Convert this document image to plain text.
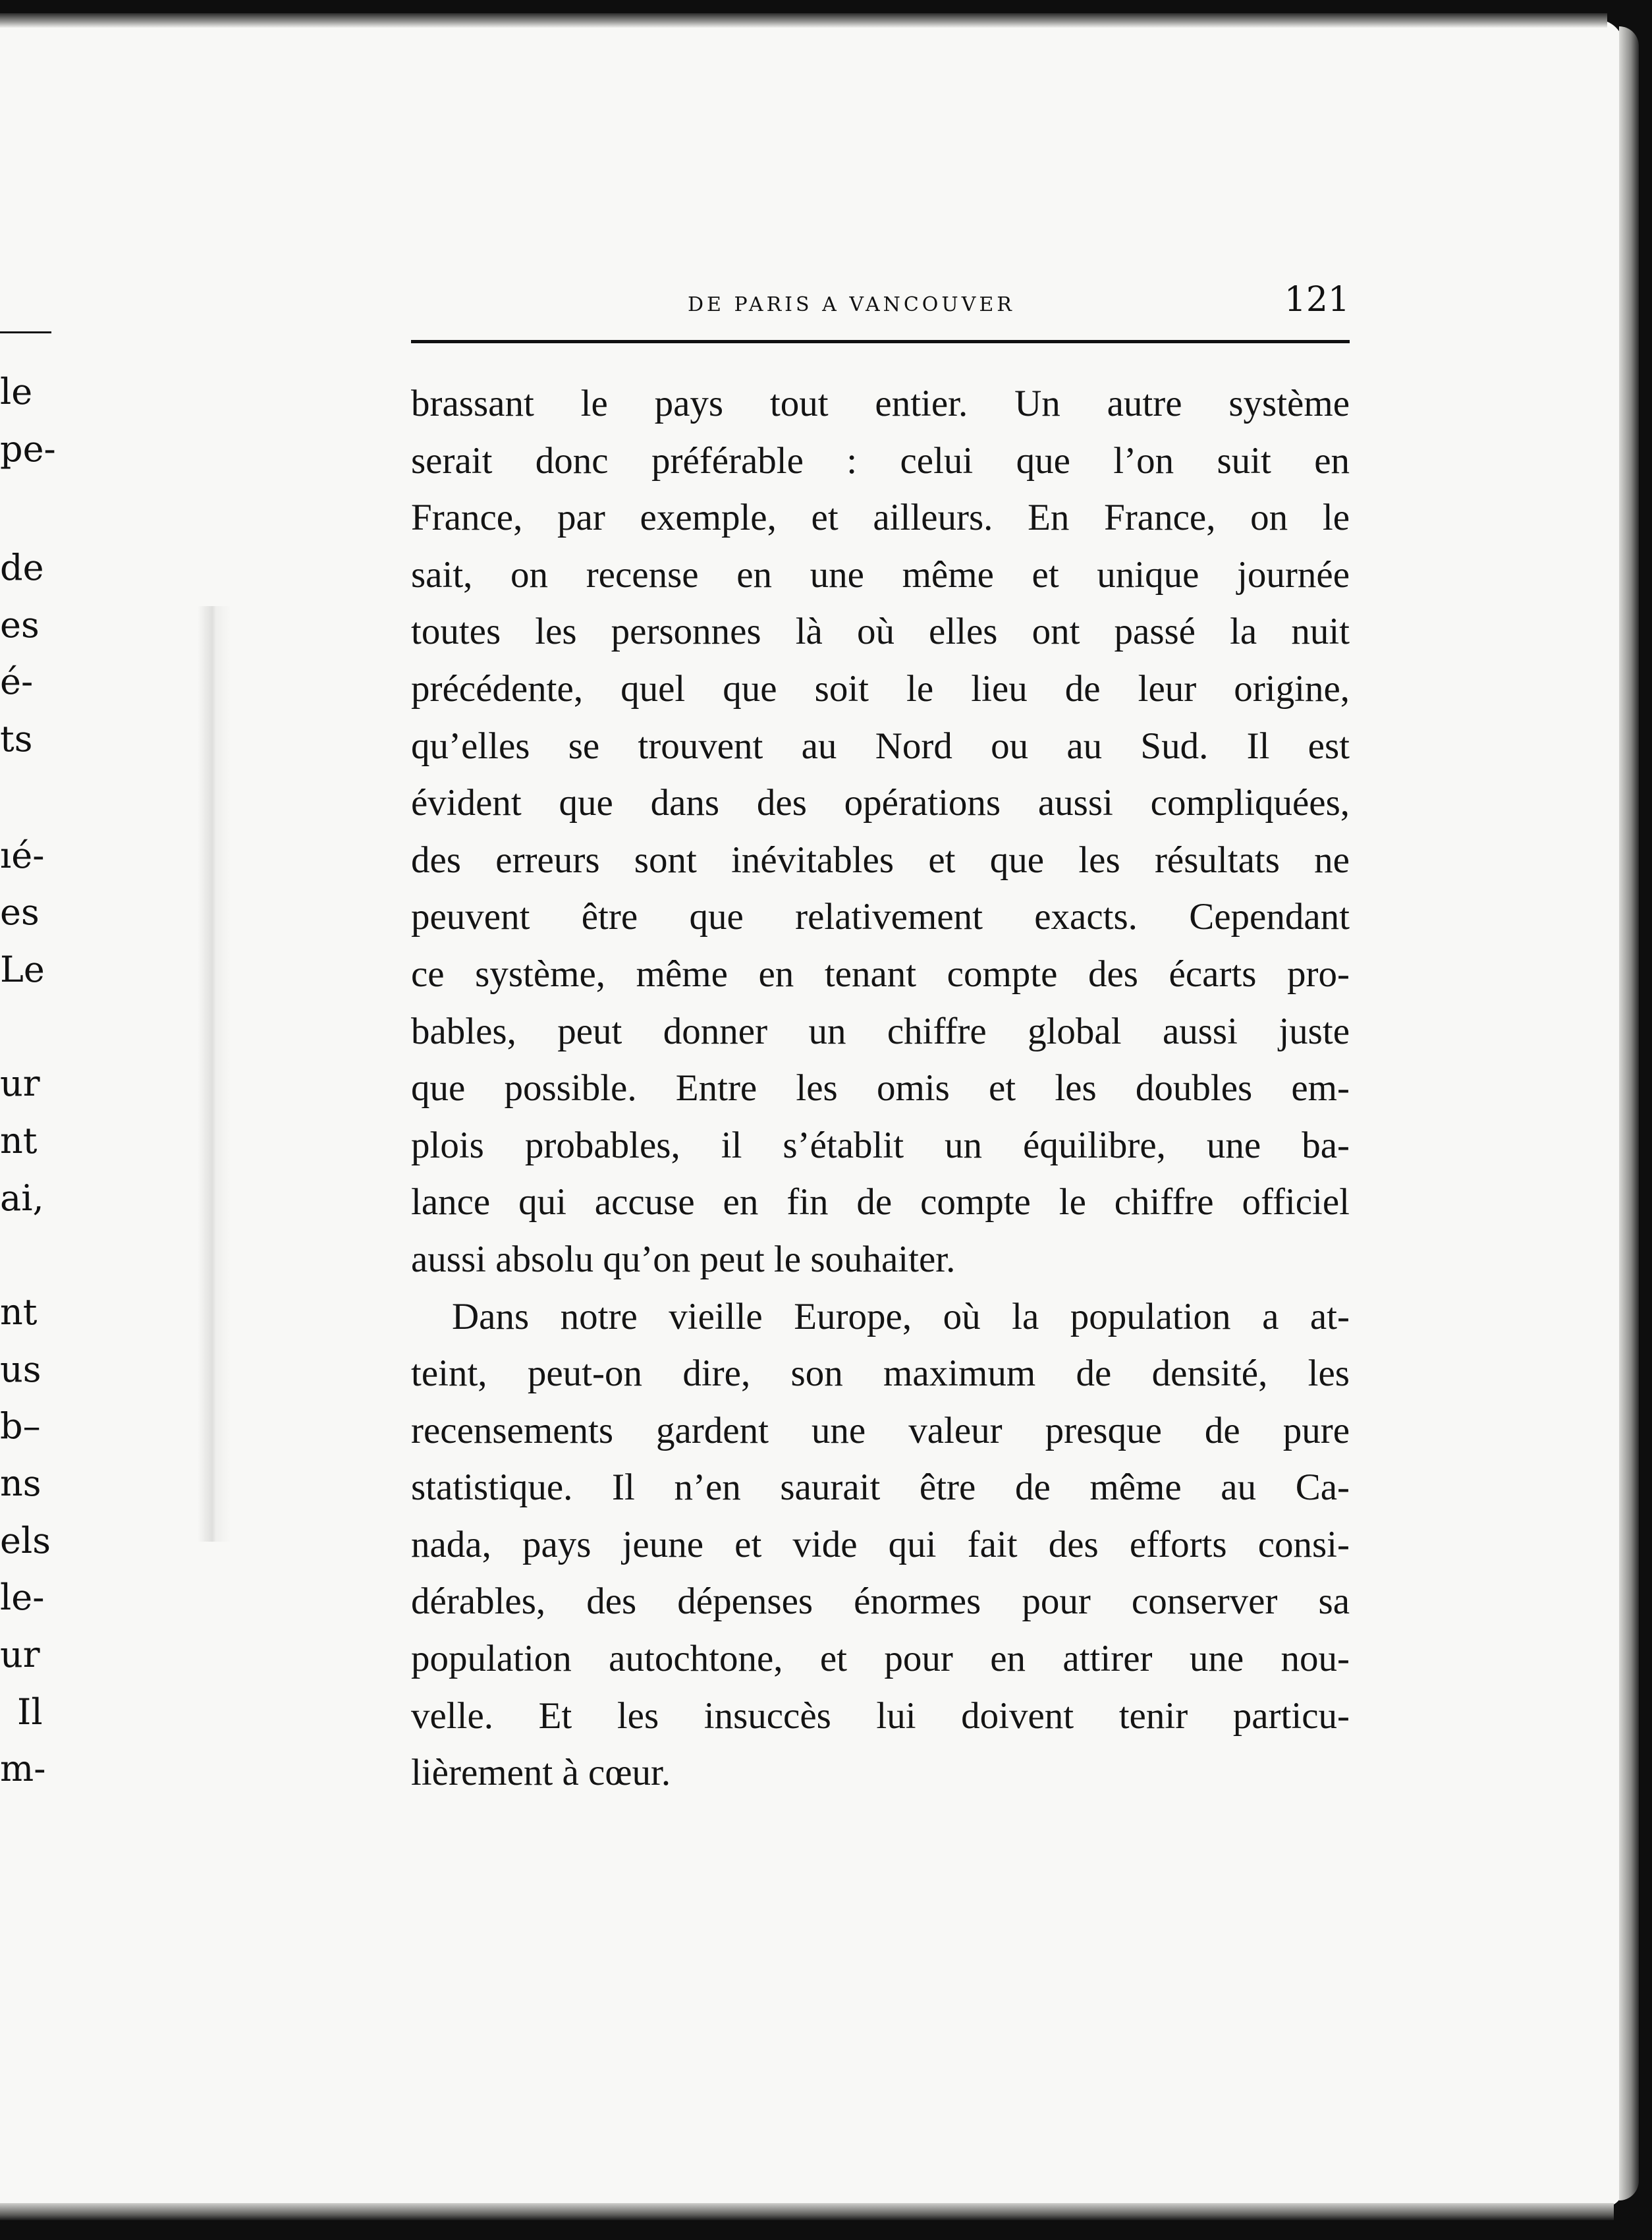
le
pe-
de
es
é-
ts
ıé-
es
Le
ur
nt
ai,
nt
us
b–
ns
els
le-
ur
Il
m-
DE PARIS A VANCOUVER	121
brassant le pays tout entier. Un autre système
serait donc préférable : celui que l’on suit en
France, par exemple, et ailleurs. En France, on le
sait, on recense en une même et unique journée
toutes les personnes là où elles ont passé la nuit
précédente, quel que soit le lieu de leur origine,
qu’elles se trouvent au Nord ou au Sud. Il est
évident que dans des opérations aussi compliquées,
des erreurs sont inévitables et que les résultats ne
peuvent être que relativement exacts. Cependant
ce système, même en tenant compte des écarts pro-
bables, peut donner un chiffre global aussi juste
que possible. Entre les omis et les doubles em-
plois probables, il s’établit un équilibre, une ba-
lance qui accuse en fin de compte le chiffre officiel
aussi absolu qu’on peut le souhaiter.
Dans notre vieille Europe, où la population a at-
teint, peut-on dire, son maximum de densité, les
recensements gardent une valeur presque de pure
statistique. Il n’en saurait être de même au Ca-
nada, pays jeune et vide qui fait des efforts consi-
dérables, des dépenses énormes pour conserver sa
population autochtone, et pour en attirer une nou-
velle. Et les insuccès lui doivent tenir particu-
lièrement à cœur.
